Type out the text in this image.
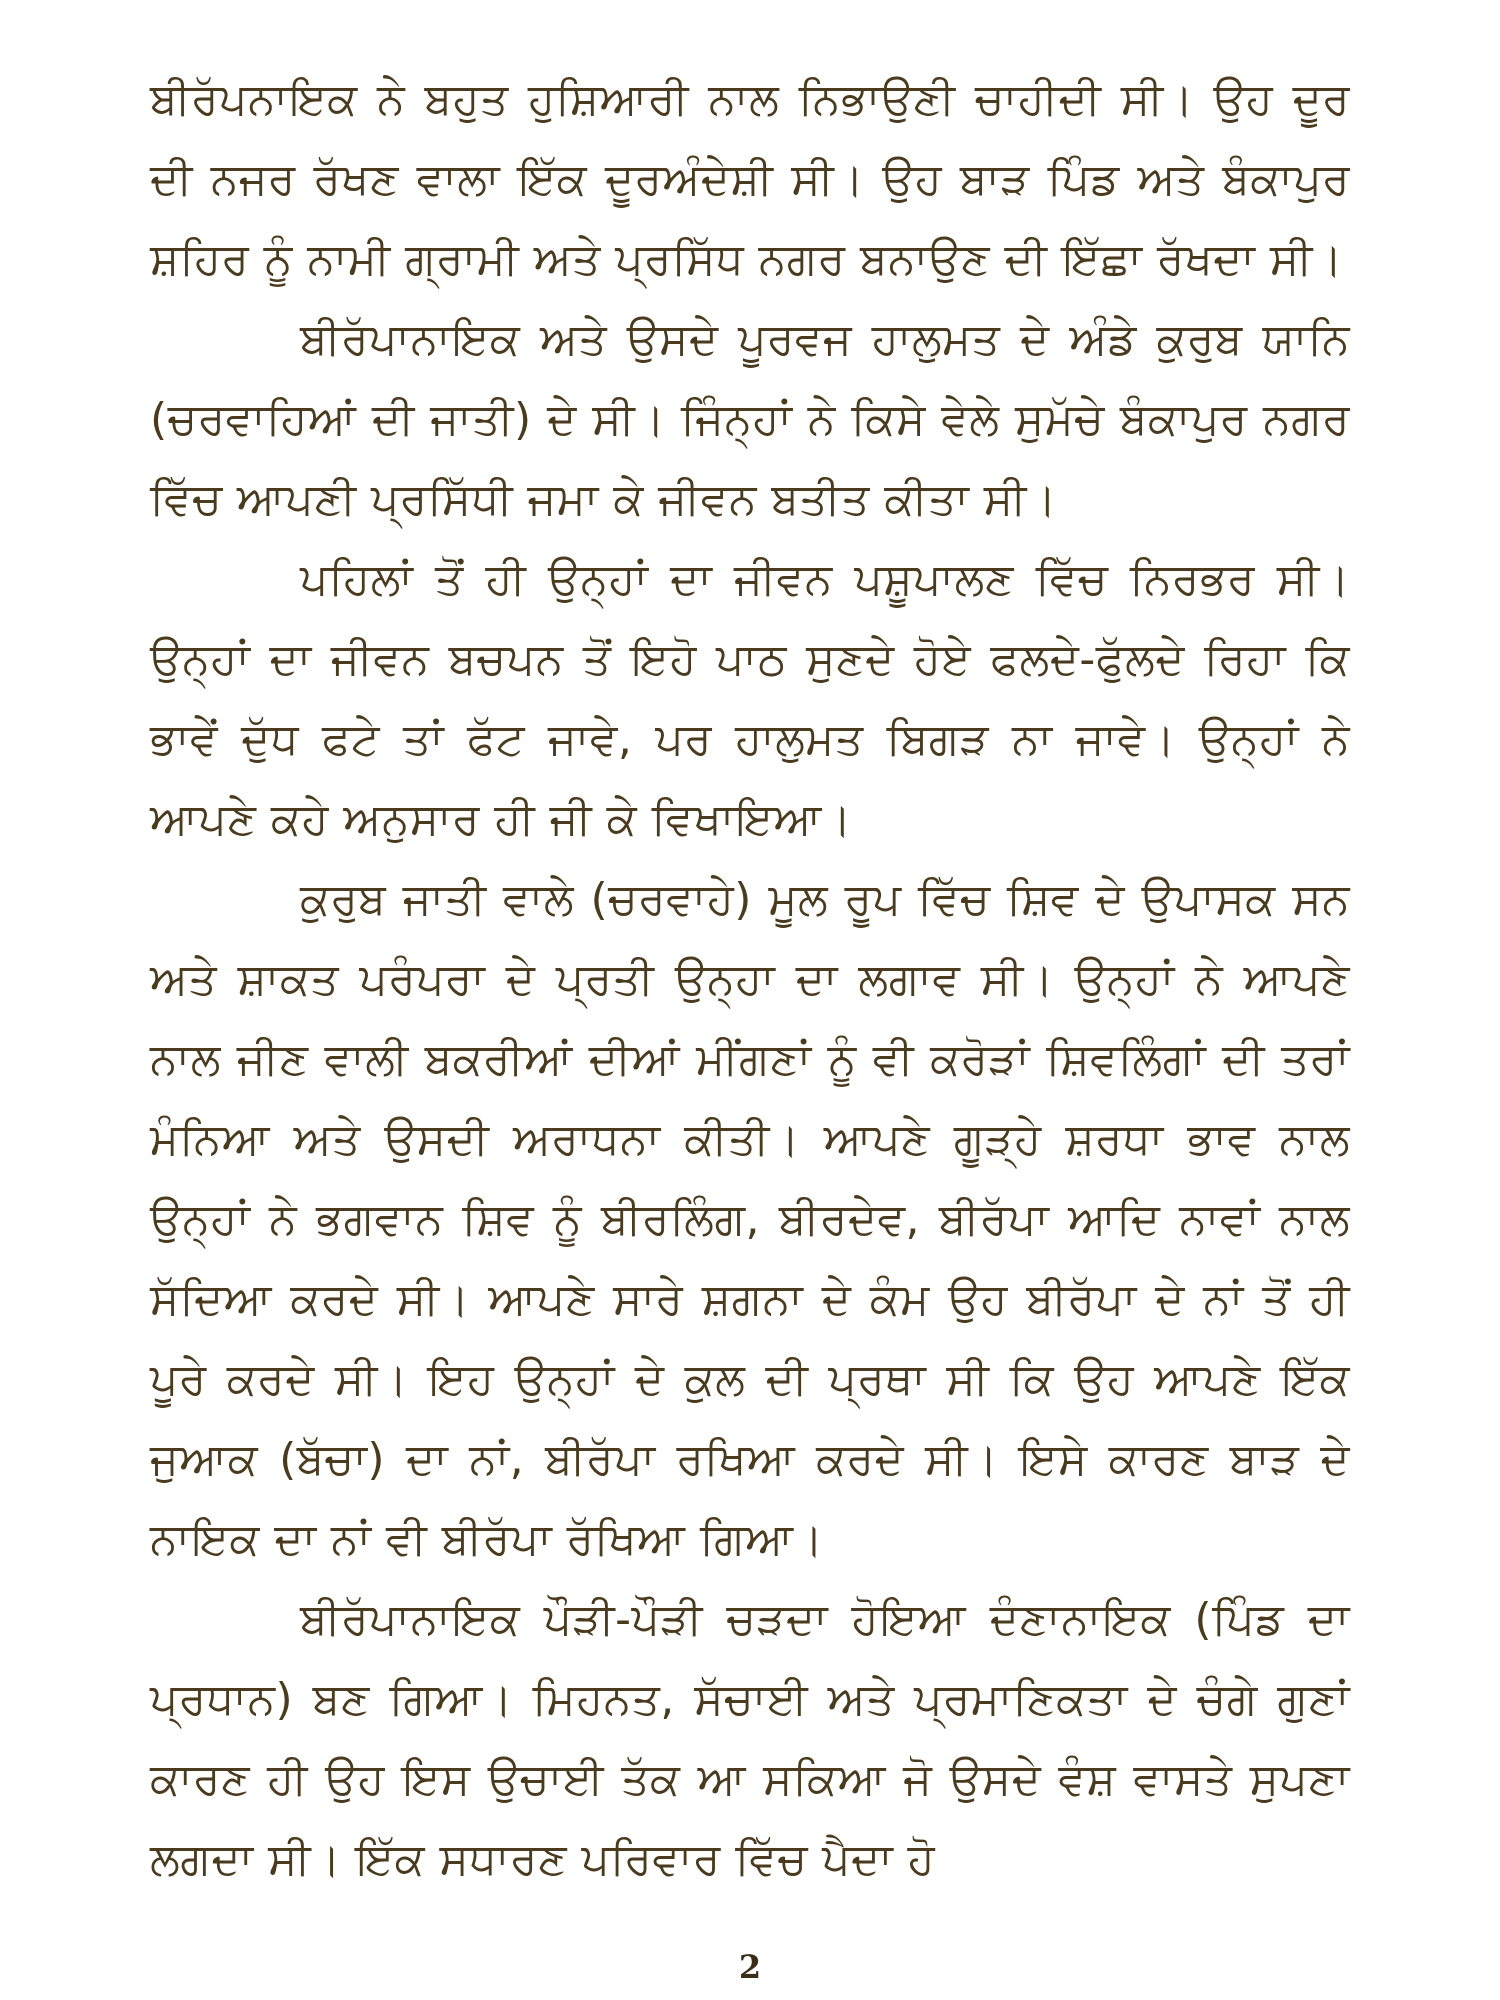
ਬੀਰੱਪਨਾਇਕ ਨੇ ਬਹੁਤ ਹੁਸ਼ਿਆਰੀ ਨਾਲ ਨਿਭਾਉਣੀ ਚਾਹੀਦੀ ਸੀ। ਉਹ ਦੂਰ ਦੀ ਨਜਰ ਰੱਖਣ ਵਾਲਾ ਇੱਕ ਦੂਰਅੰਦੇਸ਼ੀ ਸੀ। ਉਹ ਬਾੜ ਪਿੰਡ ਅਤੇ ਬੰਕਾਪੁਰ ਸ਼ਹਿਰ ਨੂੰ ਨਾਮੀ ਗ੍ਰਾਮੀ ਅਤੇ ਪ੍ਰਸਿੱਧ ਨਗਰ ਬਨਾਉਣ ਦੀ ਇੱਛਾ ਰੱਖਦਾ ਸੀ।

ਬੀਰੱਪਾਨਾਇਕ ਅਤੇ ਉਸਦੇ ਪੂਰਵਜ ਹਾਲੁਮਤ ਦੇ ਅੰਡੇ ਕੁਰੁਬ ਯਾਨਿ (ਚਰਵਾਹਿਆਂ ਦੀ ਜਾਤੀ) ਦੇ ਸੀ। ਜਿੰਨ੍ਹਾਂ ਨੇ ਕਿਸੇ ਵੇਲੇ ਸੁਮੱਚੇ ਬੰਕਾਪੁਰ ਨਗਰ ਵਿੱਚ ਆਪਣੀ ਪ੍ਰਸਿੱਧੀ ਜਮਾ ਕੇ ਜੀਵਨ ਬਤੀਤ ਕੀਤਾ ਸੀ।

ਪਹਿਲਾਂ ਤੋਂ ਹੀ ਉਨ੍ਹਾਂ ਦਾ ਜੀਵਨ ਪਸ਼ੂਪਾਲਣ ਵਿੱਚ ਨਿਰਭਰ ਸੀ। ਉਨ੍ਹਾਂ ਦਾ ਜੀਵਨ ਬਚਪਨ ਤੋਂ ਇਹੋ ਪਾਠ ਸੁਣਦੇ ਹੋਏ ਫਲਦੇ-ਫੁੱਲਦੇ ਰਿਹਾ ਕਿ ਭਾਵੇਂ ਦੁੱਧ ਫਟੇ ਤਾਂ ਫੱਟ ਜਾਵੇ, ਪਰ ਹਾਲੁਮਤ ਬਿਗੜ ਨਾ ਜਾਵੇ। ਉਨ੍ਹਾਂ ਨੇ ਆਪਣੇ ਕਹੇ ਅਨੁਸਾਰ ਹੀ ਜੀ ਕੇ ਵਿਖਾਇਆ।

ਕੁਰੁਬ ਜਾਤੀ ਵਾਲੇ (ਚਰਵਾਹੇ) ਮੂਲ ਰੂਪ ਵਿੱਚ ਸ਼ਿਵ ਦੇ ਉਪਾਸਕ ਸਨ ਅਤੇ ਸ਼ਾਕਤ ਪਰੰਪਰਾ ਦੇ ਪ੍ਰਤੀ ਉਨ੍ਹਾ ਦਾ ਲਗਾਵ ਸੀ। ਉਨ੍ਹਾਂ ਨੇ ਆਪਣੇ ਨਾਲ ਜੀਣ ਵਾਲੀ ਬਕਰੀਆਂ ਦੀਆਂ ਮੀਂਗਣਾਂ ਨੂੰ ਵੀ ਕਰੋੜਾਂ ਸ਼ਿਵਲਿੰਗਾਂ ਦੀ ਤਰਾਂ ਮੰਨਿਆ ਅਤੇ ਉਸਦੀ ਅਰਾਧਨਾ ਕੀਤੀ। ਆਪਣੇ ਗੂੜ੍ਹੇ ਸ਼ਰਧਾ ਭਾਵ ਨਾਲ ਉਨ੍ਹਾਂ ਨੇ ਭਗਵਾਨ ਸ਼ਿਵ ਨੂੰ ਬੀਰਲਿੰਗ, ਬੀਰਦੇਵ, ਬੀਰੱਪਾ ਆਦਿ ਨਾਵਾਂ ਨਾਲ ਸੱਦਿਆ ਕਰਦੇ ਸੀ। ਆਪਣੇ ਸਾਰੇ ਸ਼ਗਨਾ ਦੇ ਕੰਮ ਉਹ ਬੀਰੱਪਾ ਦੇ ਨਾਂ ਤੋਂ ਹੀ ਪੂਰੇ ਕਰਦੇ ਸੀ। ਇਹ ਉਨ੍ਹਾਂ ਦੇ ਕੁਲ ਦੀ ਪ੍ਰਥਾ ਸੀ ਕਿ ਉਹ ਆਪਣੇ ਇੱਕ ਜੁਆਕ (ਬੱਚਾ) ਦਾ ਨਾਂ, ਬੀਰੱਪਾ ਰਖਿਆ ਕਰਦੇ ਸੀ। ਇਸੇ ਕਾਰਣ ਬਾੜ ਦੇ ਨਾਇਕ ਦਾ ਨਾਂ ਵੀ ਬੀਰੱਪਾ ਰੱਖਿਆ ਗਿਆ।

ਬੀਰੱਪਾਨਾਇਕ ਪੌੜੀ-ਪੌੜੀ ਚੜਦਾ ਹੋਇਆ ਦੰਣਾਨਾਇਕ (ਪਿੰਡ ਦਾ ਪ੍ਰਧਾਨ) ਬਣ ਗਿਆ। ਮਿਹਨਤ, ਸੱਚਾਈ ਅਤੇ ਪ੍ਰਮਾਣਿਕਤਾ ਦੇ ਚੰਗੇ ਗੁਣਾਂ ਕਾਰਣ ਹੀ ਉਹ ਇਸ ਉਚਾਈ ਤੱਕ ਆ ਸਕਿਆ ਜੋ ਉਸਦੇ ਵੰਸ਼ ਵਾਸਤੇ ਸੁਪਣਾ ਲਗਦਾ ਸੀ। ਇੱਕ ਸਧਾਰਣ ਪਰਿਵਾਰ ਵਿੱਚ ਪੈਦਾ ਹੋ

2
